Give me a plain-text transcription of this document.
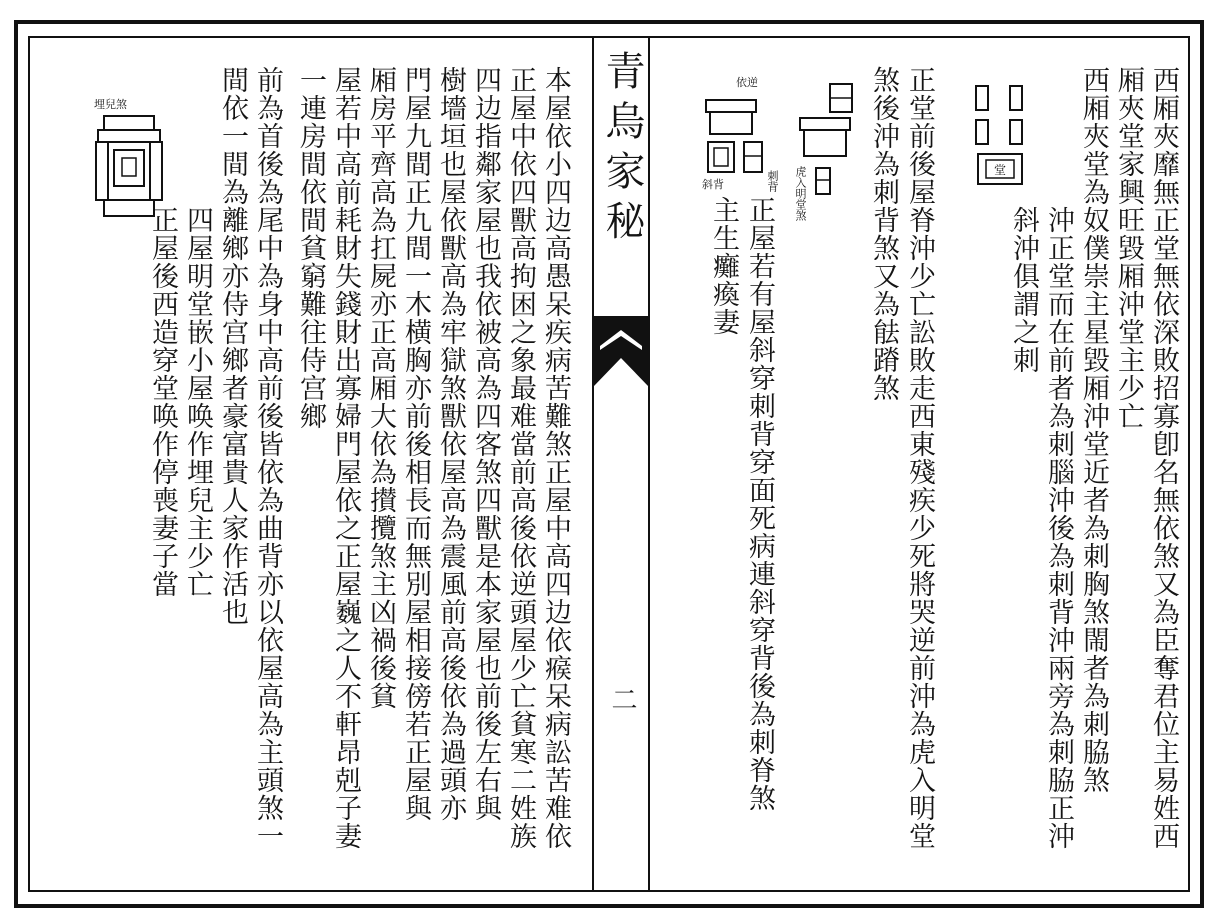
青烏家秘
二	西厢夾靡無正堂無依深敗招寡卽名無依煞又為臣奪君位主易姓西
厢夾堂家興旺毀厢沖堂主少亡
西厢夾堂為奴僕崇主星毀厢沖堂近者為刺胸煞閙者為刺脇煞
沖正堂而在前者為刺腦沖後為刺背沖兩旁為刺脇正沖
斜沖俱謂之刺
堂
正堂前後屋脊沖少亡訟敗走西東殘疾少死將哭逆前沖為虎入明堂
煞後沖為刺背煞又為䏻蹐煞
虎入明堂煞
依逆
刺背
斜背
正屋若有屋斜穿刺背穿面死病連斜穿背後為刺脊煞
主生癱瘓妻
本屋依小四边高愚呆疾病苦難煞正屋中高四边依瘊呆病訟苦难依
正屋中依四獸高拘困之象最难當前高後依逆頭屋少亡貧寒二姓族
四边指鄰家屋也我依被高為四客煞四獸是本家屋也前後左右與
樹墻垣也屋依獸高為牢獄煞獸依屋高為震風前高後依為過頭亦
門屋九間正九間一木横胸亦前後相長而無別屋相接傍若正屋與
厢房平齊高為扛屍亦正高厢大依為攅攬煞主凶禍後貧
屋若中高前耗財失錢財出寡婦門屋依之正屋巍之人不軒昂剋子妻
一連房間依間貧窮難往侍宫鄉
前為首後為尾中為身中高前後皆依為曲背亦以依屋高為主頭煞一
間依一間為離鄉亦侍宫鄉者豪富貴人家作活也
四屋明堂嵌小屋唤作埋兒主少亡
正屋後西造穿堂唤作停喪妻子當
埋兒煞
